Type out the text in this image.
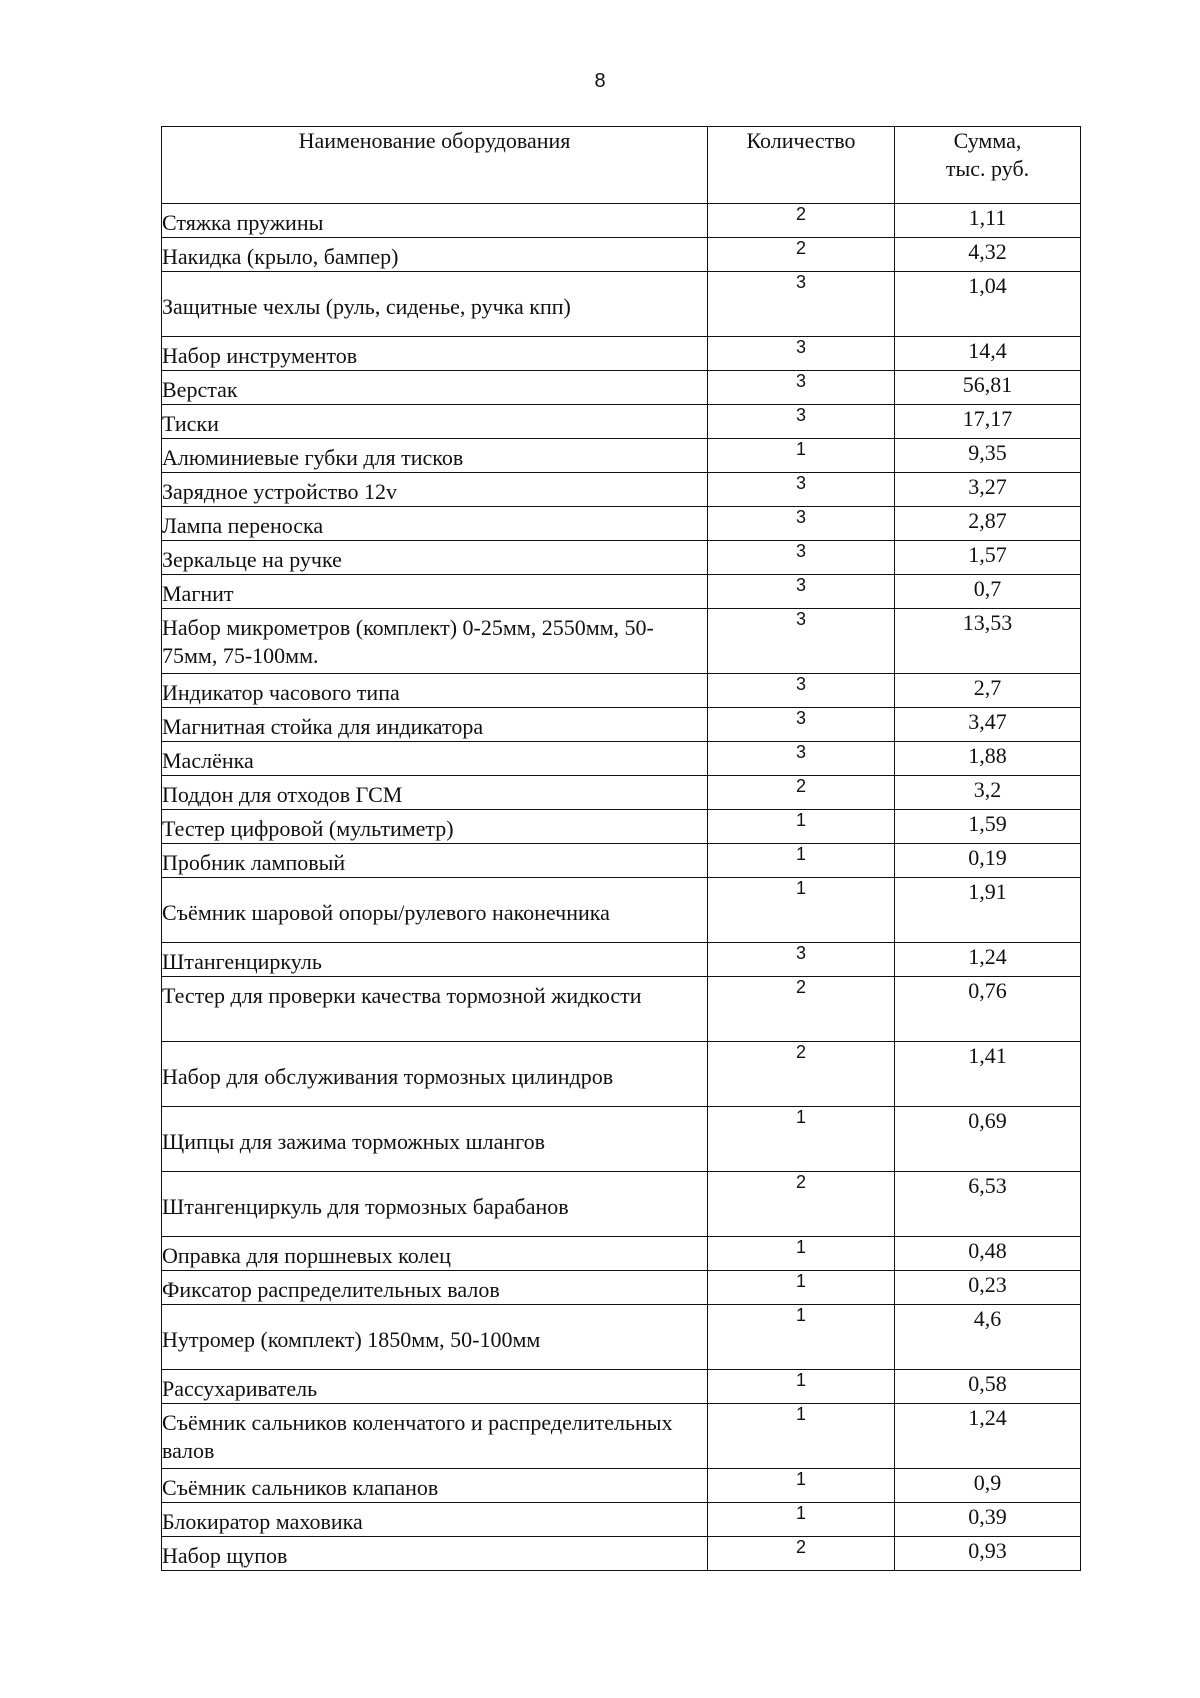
8
Наименование оборудования	Количество	Сумма,
тыс. руб.

Стяжка пружины	2	1,11

Накидка (крыло, бампер)	2	4,32

Защитные чехлы (руль, сиденье, ручка кпп)	3	1,04

Набор инструментов	3	14,4

Верстак	3	56,81

Тиски	3	17,17

Алюминиевые губки для тисков	1	9,35

Зарядное устройство 12v	3	3,27

Лампа переноска	3	2,87

Зеркальце на ручке	3	1,57

Магнит	3	0,7

Набор микрометров (комплект) 0-25мм, 2550мм, 50-75мм, 75-100мм.	3	13,53

Индикатор часового типа	3	2,7

Магнитная стойка для индикатора	3	3,47

Маслёнка	3	1,88

Поддон для отходов ГСМ	2	3,2

Тестер цифровой (мультиметр)	1	1,59

Пробник ламповый	1	0,19

Съёмник шаровой опоры/рулевого наконечника	1	1,91

Штангенциркуль	3	1,24

Тестер для проверки качества тормозной жидкости	2	0,76

Набор для обслуживания тормозных цилиндров	2	1,41

Щипцы для зажима торможных шлангов	1	0,69

Штангенциркуль для тормозных барабанов	2	6,53

Оправка для поршневых колец	1	0,48

Фиксатор распределительных валов	1	0,23

Нутромер (комплект) 1850мм, 50-100мм	1	4,6

Рассухариватель	1	0,58

Съёмник сальников коленчатого и распределительных валов	1	1,24

Съёмник сальников клапанов	1	0,9

Блокиратор маховика	1	0,39

Набор щупов	2	0,93
